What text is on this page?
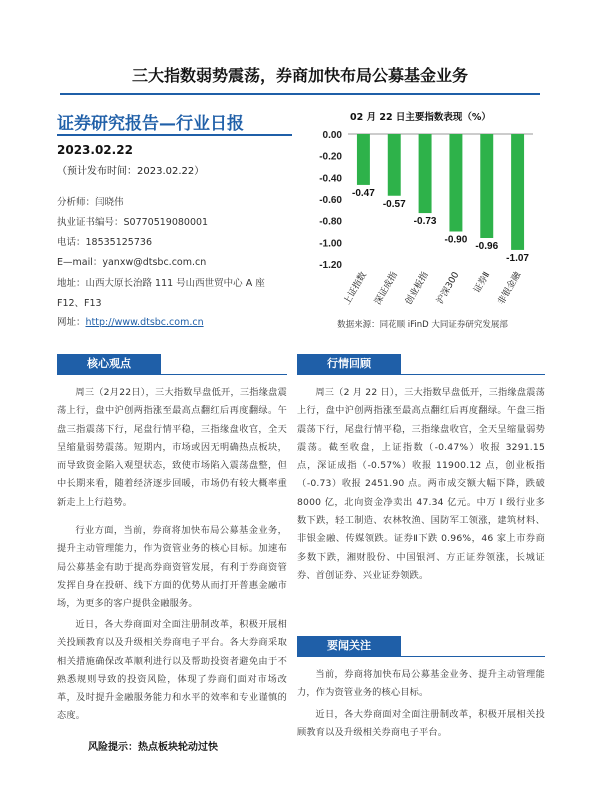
三大指数弱势震荡，券商加快布局公募基金业务
证券研究报告—行业日报
2023.02.22
（预计发布时间：2023.02.22）
分析师：闫晓伟
执业证书编号：S0770519080001
电话：18535125736
E—mail：yanxw@dtsbc.com.cn
地址：山西大原长治路 111 号山西世贸中心 A 座
F12、F13
网址：http://www.dtsbc.com.cn
02 月 22 日主要指数表现（%）
0.00
-0.20
-0.40
-0.60
-0.80
-1.00
-1.20
-0.47
上证指数
-0.57
深证成指
-0.73
创业板指
-0.90
沪深300
-0.96
证券Ⅱ
-1.07
非银金融
数据来源：同花顺 iFinD 大同证券研究发展部
核心观点
周三（2月22日），三大指数早盘低开，三指缘盘震荡上行，盘中沪创两指涨至最高点翻红后再度翻绿。午盘三指震荡下行，尾盘行情平稳，三指缘盘收官，全天呈缩量弱势震荡。短期内，市场或因无明确热点板块，而导致资金陷入观望状态，致使市场陷入震荡盘整，但中长期来看，随着经济逐步回暖，市场仍有较大概率重新走上上行趋势。
行业方面，当前，券商将加快布局公募基金业务，提升主动管理能力，作为资管业务的核心目标。加速布局公募基金有助于提高券商资管发展，有利于券商资管发挥自身在投研、线下方面的优势从而打开普惠金融市场，为更多的客户提供金融服务。
近日，各大券商面对全面注册制改革，积极开展相关投顾教育以及升级相关券商电子平台。各大券商采取相关措施确保改革顺利进行以及帮助投资者避免由于不熟悉规则导致的投资风险，体现了券商们面对市场改革，及时提升金融服务能力和水平的效率和专业谨慎的态度。
风险提示：热点板块轮动过快
行情回顾
周三（2 月 22 日），三大指数早盘低开，三指缘盘震荡上行，盘中沪创两指涨至最高点翻红后再度翻绿。午盘三指震荡下行，尾盘行情平稳，三指缘盘收官，全天呈缩量弱势震荡。截至收盘，上证指数（-0.47%）收报 3291.15 点，深证成指（-0.57%）收报 11900.12 点，创业板指（-0.73）收报 2451.90 点。两市成交额大幅下降，跌破 8000 亿，北向资金净卖出 47.34 亿元。中万 I 级行业多数下跌，轻工制造、农林牧渔、国防军工领涨，建筑材料、非银金融、传媒领跌。证券Ⅱ下跌 0.96%，46 家上市券商多数下跌，湘财股份、中国银河、方正证券领涨，长城证券、首创证券、兴业证券领跌。
要闻关注
当前，券商将加快布局公募基金业务、提升主动管理能力，作为资管业务的核心目标。
近日，各大券商面对全面注册制改革，积极开展相关投顾教育以及升级相关券商电子平台。
